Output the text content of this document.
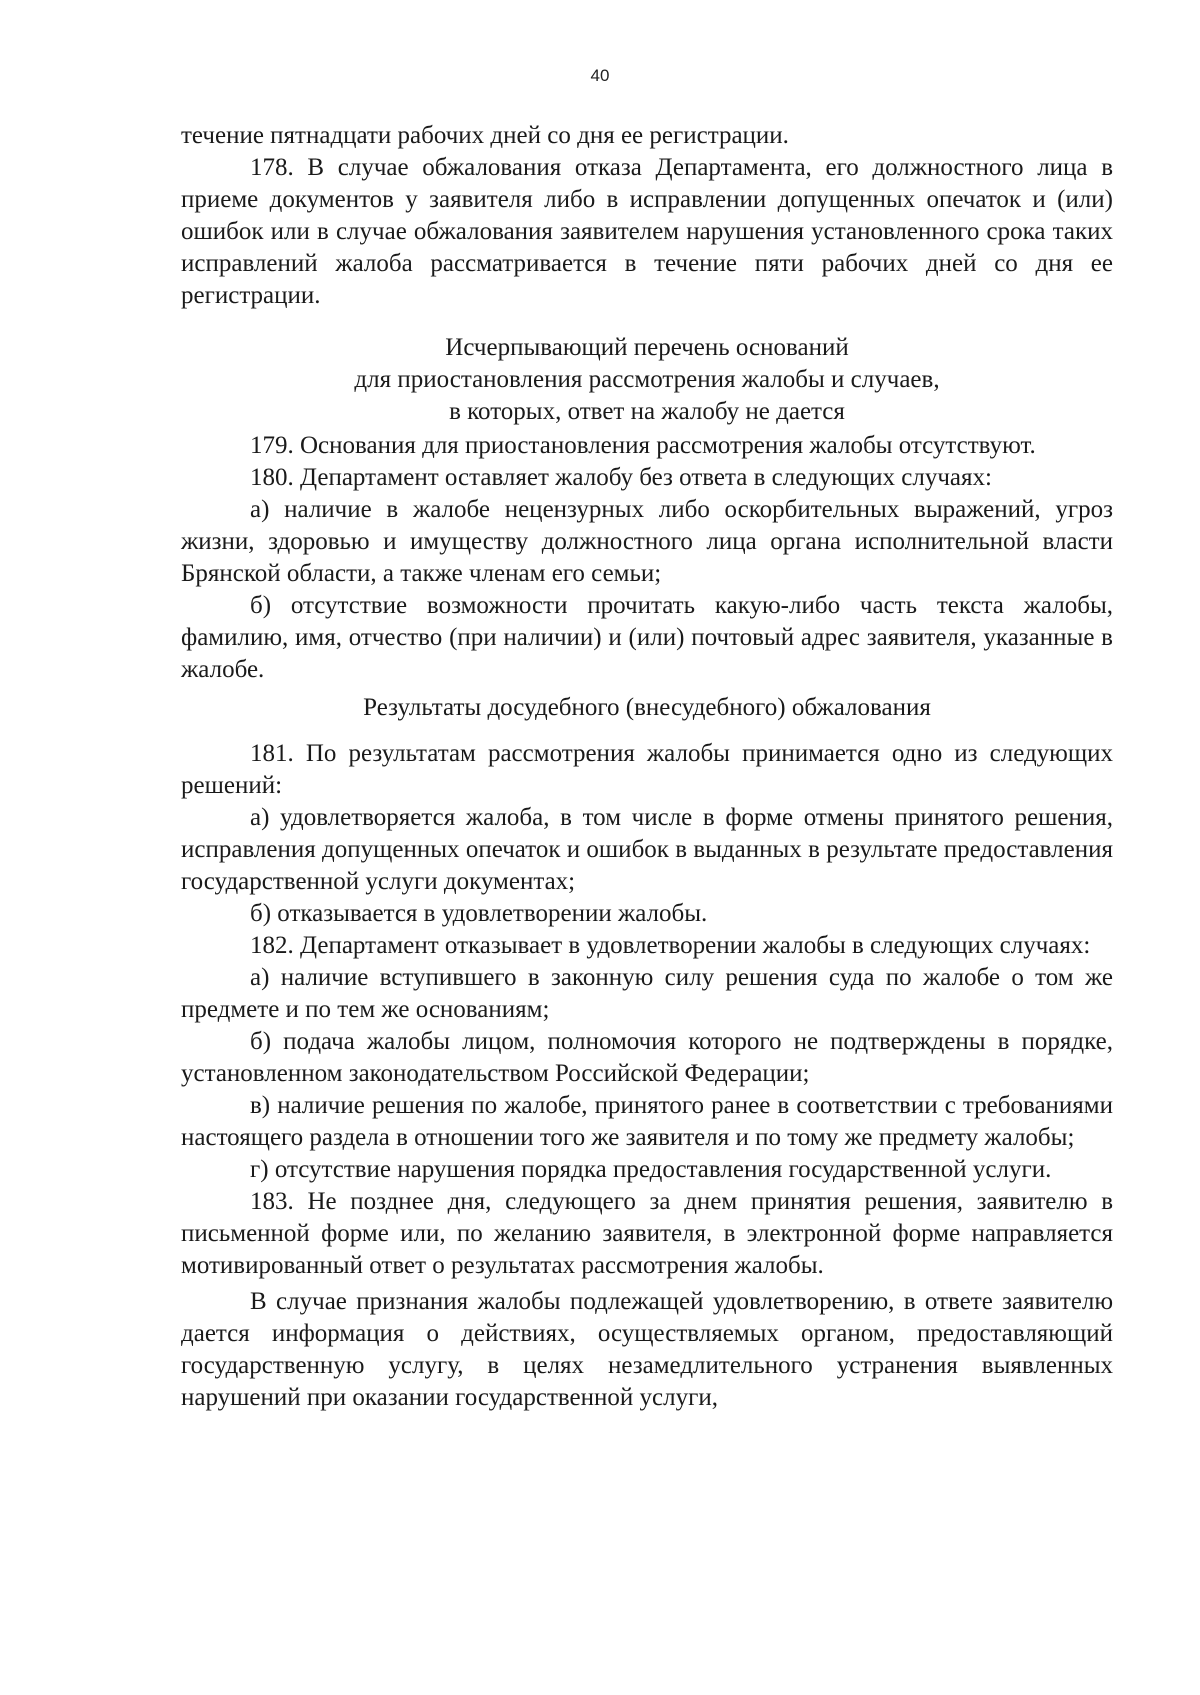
40

течение пятнадцати рабочих дней со дня ее регистрации.

178. В случае обжалования отказа Департамента, его должностного лица в приеме документов у заявителя либо в исправлении допущенных опечаток и (или) ошибок или в случае обжалования заявителем нарушения установленного срока таких исправлений жалоба рассматривается в течение пяти рабочих дней со дня ее регистрации.

Исчерпывающий перечень оснований
для приостановления рассмотрения жалобы и случаев,
в которых, ответ на жалобу не дается

179. Основания для приостановления рассмотрения жалобы отсутствуют.

180. Департамент оставляет жалобу без ответа в следующих случаях:

а) наличие в жалобе нецензурных либо оскорбительных выражений, угроз жизни, здоровью и имуществу должностного лица органа исполнительной власти Брянской области, а также членам его семьи;

б) отсутствие возможности прочитать какую-либо часть текста жалобы, фамилию, имя, отчество (при наличии) и (или) почтовый адрес заявителя, указанные в жалобе.

Результаты досудебного (внесудебного) обжалования

181. По результатам рассмотрения жалобы принимается одно из следующих решений:

а) удовлетворяется жалоба, в том числе в форме отмены принятого решения, исправления допущенных опечаток и ошибок в выданных в результате предоставления государственной услуги документах;

б) отказывается в удовлетворении жалобы.

182. Департамент отказывает в удовлетворении жалобы в следующих случаях:

а) наличие вступившего в законную силу решения суда по жалобе о том же предмете и по тем же основаниям;

б) подача жалобы лицом, полномочия которого не подтверждены в порядке, установленном законодательством Российской Федерации;

в) наличие решения по жалобе, принятого ранее в соответствии с требованиями настоящего раздела в отношении того же заявителя и по тому же предмету жалобы;

г) отсутствие нарушения порядка предоставления государственной услуги.

183. Не позднее дня, следующего за днем принятия решения, заявителю в письменной форме или, по желанию заявителя, в электронной форме направляется мотивированный ответ о результатах рассмотрения жалобы.

В случае признания жалобы подлежащей удовлетворению, в ответе заявителю дается информация о действиях, осуществляемых органом, предоставляющий государственную услугу, в целях незамедлительного устранения выявленных нарушений при оказании государственной услуги,
